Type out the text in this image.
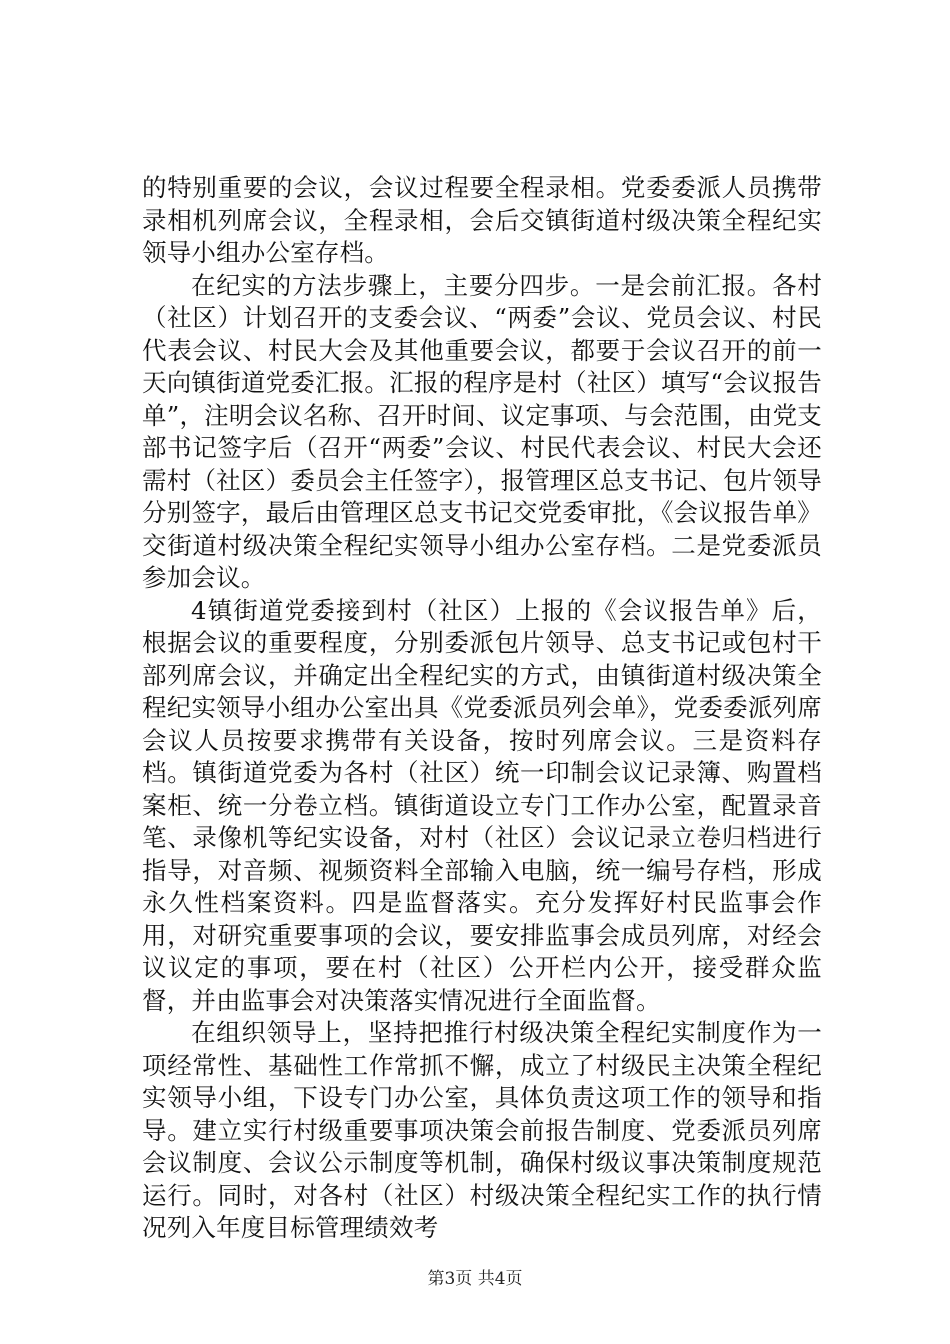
的特别重要的会议，会议过程要全程录相。党委委派人员携带录相机列席会议，全程录相，会后交镇街道村级决策全程纪实领导小组办公室存档。

在纪实的方法步骤上，主要分四步。一是会前汇报。各村（社区）计划召开的支委会议、“两委”会议、党员会议、村民代表会议、村民大会及其他重要会议，都要于会议召开的前一天向镇街道党委汇报。汇报的程序是村（社区）填写“会议报告单”，注明会议名称、召开时间、议定事项、与会范围，由党支部书记签字后（召开“两委”会议、村民代表会议、村民大会还需村（社区）委员会主任签字），报管理区总支书记、包片领导分别签字，最后由管理区总支书记交党委审批，《会议报告单》交街道村级决策全程纪实领导小组办公室存档。二是党委派员参加会议。

4镇街道党委接到村（社区）上报的《会议报告单》后，根据会议的重要程度，分别委派包片领导、总支书记或包村干部列席会议，并确定出全程纪实的方式，由镇街道村级决策全程纪实领导小组办公室出具《党委派员列会单》，党委委派列席会议人员按要求携带有关设备，按时列席会议。三是资料存档。镇街道党委为各村（社区）统一印制会议记录簿、购置档案柜、统一分卷立档。镇街道设立专门工作办公室，配置录音笔、录像机等纪实设备，对村（社区）会议记录立卷归档进行指导，对音频、视频资料全部输入电脑，统一编号存档，形成永久性档案资料。四是监督落实。充分发挥好村民监事会作用，对研究重要事项的会议，要安排监事会成员列席，对经会议议定的事项，要在村（社区）公开栏内公开，接受群众监督，并由监事会对决策落实情况进行全面监督。

在组织领导上，坚持把推行村级决策全程纪实制度作为一项经常性、基础性工作常抓不懈，成立了村级民主决策全程纪实领导小组，下设专门办公室，具体负责这项工作的领导和指导。建立实行村级重要事项决策会前报告制度、党委派员列席会议制度、会议公示制度等机制，确保村级议事决策制度规范运行。同时，对各村（社区）村级决策全程纪实工作的执行情况列入年度目标管理绩效考

第3页 共4页
